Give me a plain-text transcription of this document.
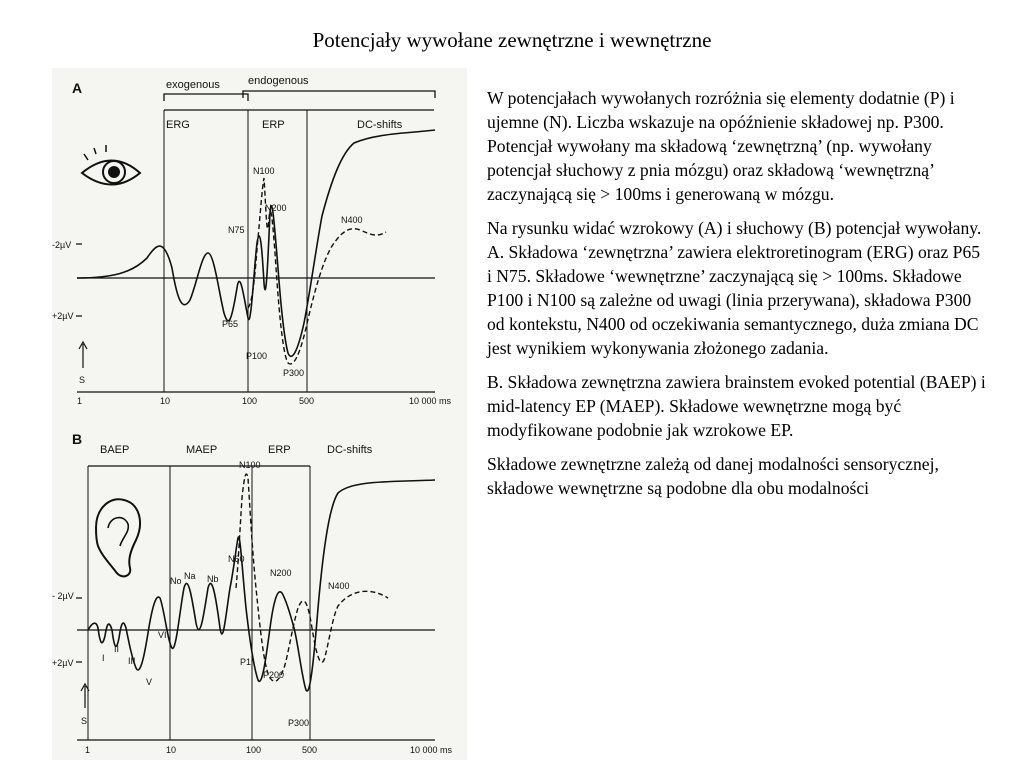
Potencjały wywołane zewnętrzne i wewnętrzne
A	exogenous	endogenous
ERG	ERP	DC-shifts
-2µV
+2µV
N100
N200
N75
P65
P100
P300
N400
S
1	10	100	500	10 000 ms
B
BAEP	MAEP	ERP	DC-shifts
- 2µV
+2µV
N100
N60
N200
N400
No Na Nb
VI
I
II
III
V
P1
P200
P300
S
1	10	100	500	10 000 ms

W potencjałach wywołanych rozróżnia się elementy dodatnie (P) i ujemne (N). Liczba wskazuje na opóźnienie składowej np. P300. Potencjał wywołany ma składową ‘zewnętrzną’ (np. wywołany potencjał słuchowy z pnia mózgu) oraz składową ‘wewnętrzną’ zaczynającą się > 100ms i generowaną w mózgu.

Na rysunku widać wzrokowy (A) i słuchowy (B) potencjał wywołany. A. Składowa ‘zewnętrzna’ zawiera elektroretinogram (ERG) oraz P65 i N75. Składowe ‘wewnętrzne’ zaczynającą się > 100ms. Składowe P100 i N100 są zależne od uwagi (linia przerywana), składowa P300 od kontekstu, N400 od oczekiwania semantycznego, duża zmiana DC jest wynikiem wykonywania złożonego zadania.

B. Składowa zewnętrzna zawiera brainstem evoked potential (BAEP) i mid-latency EP (MAEP). Składowe wewnętrzne mogą być modyfikowane podobnie jak wzrokowe EP.

Składowe zewnętrzne zależą od danej modalności sensorycznej, składowe wewnętrzne są podobne dla obu modalności
